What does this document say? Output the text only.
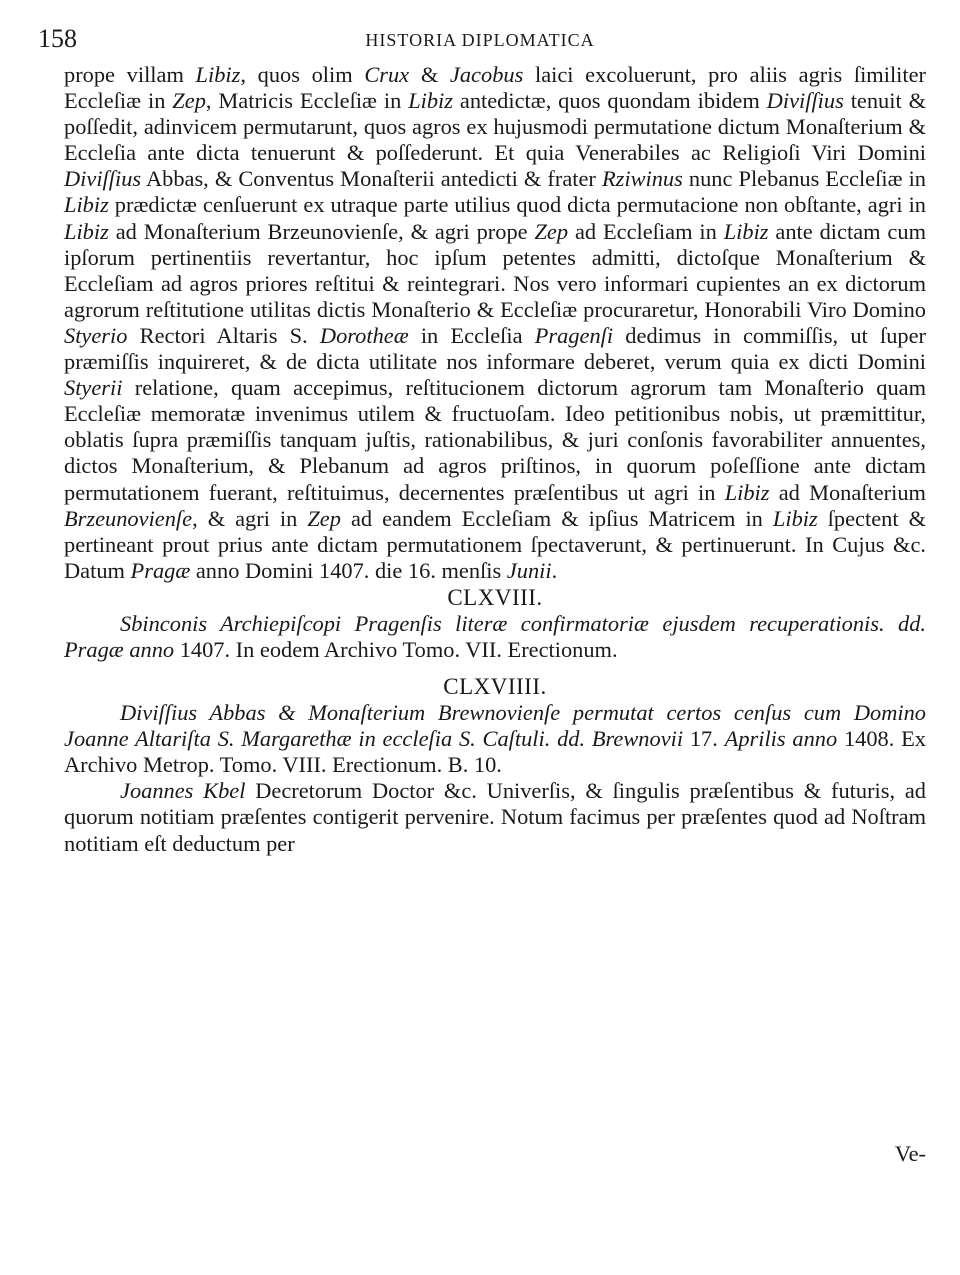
158	HISTORIA DIPLOMATICA

prope villam Libiz, quos olim Crux & Jacobus laici excoluerunt, pro aliis agris ſimiliter Eccleſiæ in Zep, Matricis Eccleſiæ in Libiz antedictæ, quos quondam ibidem Diviſſius tenuit & poſſedit, adinvicem permutarunt, quos agros ex hujusmodi permutatione dictum Monaſterium & Eccleſia ante dicta tenuerunt & poſſederunt. Et quia Venerabiles ac Religioſi Viri Domini Diviſſius Abbas, & Conventus Monaſterii antedicti & frater Rziwinus nunc Plebanus Eccleſiæ in Libiz prædictæ cenſuerunt ex utraque parte utilius quod dicta permutacione non obſtante, agri in Libiz ad Monaſterium Brzeunovienſe, & agri prope Zep ad Eccleſiam in Libiz ante dictam cum ipſorum pertinentiis revertantur, hoc ipſum petentes admitti, dictoſque Monaſterium & Eccleſiam ad agros priores reſtitui & reintegrari. Nos vero informari cupientes an ex dictorum agrorum reſtitutione utilitas dictis Monaſterio & Eccleſiæ procuraretur, Honorabili Viro Domino Styerio Rectori Altaris S. Dorotheæ in Eccleſia Pragenſi dedimus in commiſſis, ut ſuper præmiſſis inquireret, & de dicta utilitate nos informare deberet, verum quia ex dicti Domini Styerii relatione, quam accepimus, reſtitucionem dictorum agrorum tam Monaſterio quam Eccleſiæ memoratæ invenimus utilem & fructuoſam. Ideo petitionibus nobis, ut præmittitur, oblatis ſupra præmiſſis tanquam juſtis, rationabilibus, & juri conſonis favorabiliter annuentes, dictos Monaſterium, & Plebanum ad agros priſtinos, in quorum poſeſſione ante dictam permutationem fuerant, reſtituimus, decernentes præſentibus ut agri in Libiz ad Monaſterium Brzeunovienſe, & agri in Zep ad eandem Eccleſiam & ipſius Matricem in Libiz ſpectent & pertineant prout prius ante dictam permutationem ſpectaverunt, & pertinuerunt. In Cujus &c. Datum Pragæ anno Domini 1407. die 16. menſis Junii.

CLXVIII.

Sbinconis Archiepiſcopi Pragenſis literæ confirmatoriæ ejusdem recuperationis. dd. Pragæ anno 1407. In eodem Archivo Tomo. VII. Erectionum.

CLXVIIII.

Diviſſius Abbas & Monaſterium Brewnovienſe permutat certos cenſus cum Domino Joanne Altariſta S. Margarethæ in eccleſia S. Caſtuli. dd. Brewnovii 17. Aprilis anno 1408. Ex Archivo Metrop. Tomo. VIII. Erectionum. B. 10.

Joannes Kbel Decretorum Doctor &c. Univerſis, & ſingulis præſentibus & futuris, ad quorum notitiam præſentes contigerit pervenire. Notum facimus per præſentes quod ad Noſtram notitiam eſt deductum per

Ve-
